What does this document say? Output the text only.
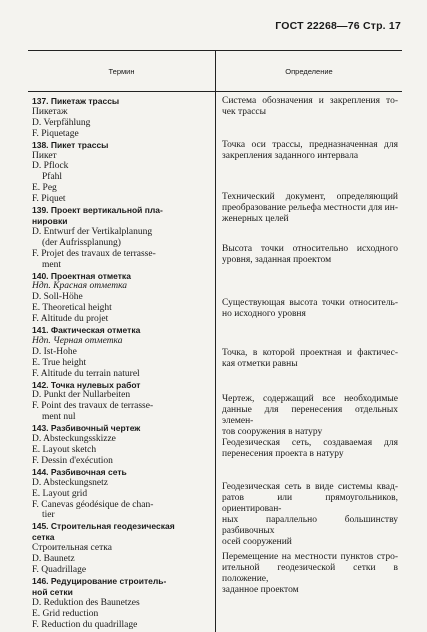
ГОСТ 22268—76 Стр. 17
Термин	Определение
137. Пикетаж трассы
Пикетаж
D. Verpfählung
F. Piquetage
138. Пикет трассы
Пикет
D. Pflock
Pfahl
E. Peg
F. Piquet
139. Проект вертикальной пла-
нировки
D. Entwurf der Vertikalplanung
(der Aufrissplanung)
F. Projet des travaux de terrasse-
ment
140. Проектная отметка
Ндп. Красная отметка
D. Soll-Höhe
E. Theoretical height
F. Altitude du projet
141. Фактическая отметка
Ндп. Черная отметка
D. Ist-Hohe
E. True height
F. Altitude du terrain naturel
142. Точка нулевых работ
D. Punkt der Nullarbeiten
F. Point des travaux de terrasse-
ment nul
143. Разбивочный чертеж
D. Absteckungsskizze
E. Layout sketch
F. Dessin d'exécution
144. Разбивочная сеть
D. Absteckungsnetz
E. Layout grid
F. Canevas géodésique de chan-
tier
145. Строительная геодезическая
сетка
Строительная сетка
D. Baunetz
F. Quadrillage
146. Редуцирование строитель-
ной сетки
D. Reduktion des Baunetzes
E. Grid reduction
F. Reduction du quadrillage
Система обозначения и закрепления то-
чек трассы
Точка оси трассы, предназначенная для
закрепления заданного интервала
Технический документ, определяющий
преобразование рельефа местности для ин-
женерных целей
Высота точки относительно исходного
уровня, заданная проектом
Существующая высота точки относитель-
но исходного уровня
Точка, в которой проектная и фактичес-
кая отметки равны
Чертеж, содержащий все необходимые
данные для перенесения отдельных элемен-
тов сооружения в натуру
Геодезическая сеть, создаваемая для
перенесения проекта в натуру
Геодезическая сеть в виде системы квад-
ратов или прямоугольников, ориентирован-
ных параллельно большинству разбивочных
осей сооружений
Перемещение на местности пунктов стро-
ительной геодезической сетки в положение,
заданное проектом
